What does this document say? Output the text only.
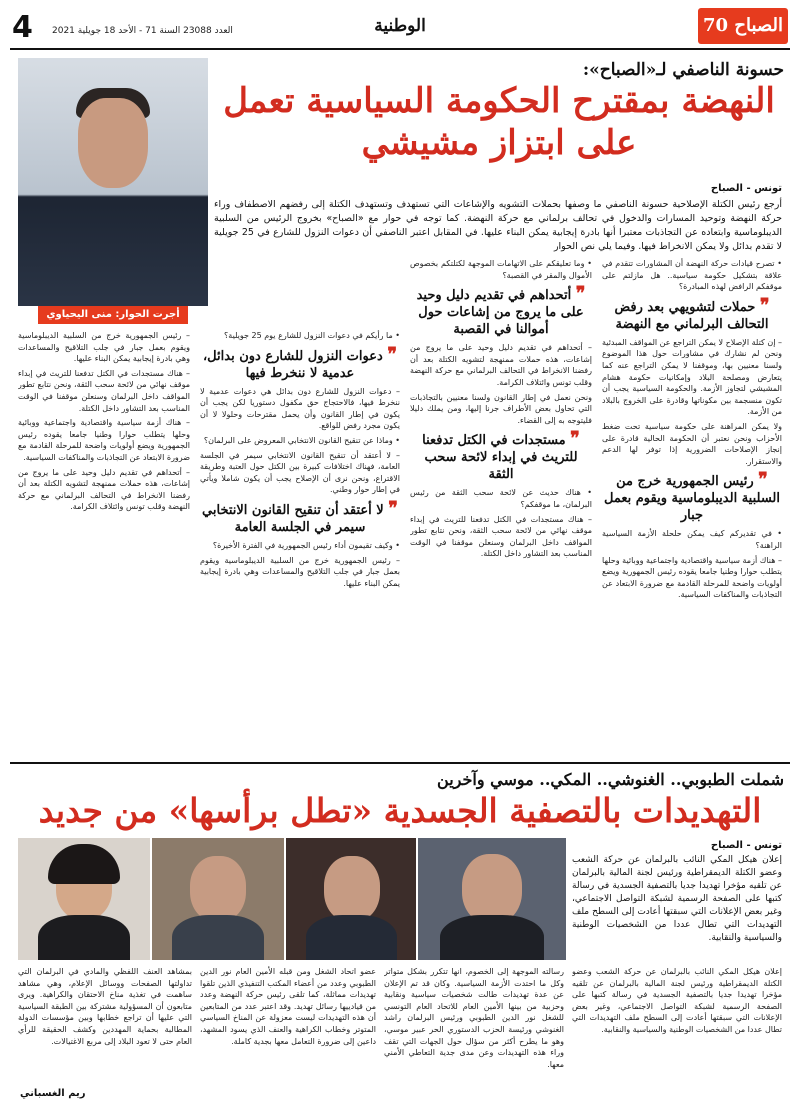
4 العدد 23088 السنة 71 - الأحد 18 جويلية 2021	الوطنية	الصباح 70
حسونة الناصفي لـ«الصباح»:
النهضة بمقترح الحكومة السياسية تعمل على ابتزاز مشيشي
أجرت الحوار: منى اليحياوي
تونس - الصباح
أرجع رئيس الكتلة الإصلاحية حسونة الناصفي ما وصفها بحملات التشويه والإشاعات التي تستهدف وتستهدف الكتلة إلى رفضهم الاصطفاف وراء حركة النهضة وتوحيد المسارات والدخول في تحالف برلماني مع حركة النهضة. كما توجه في حوار مع «الصباح» بخروج الرئيس من السلبية الديبلوماسية وابتعاده عن التجاذبات معتبرا أنها بادرة إيجابية يمكن البناء عليها. في المقابل اعتبر الناصفي أن دعوات النزول للشارع في 25 جويلية لا تقدم بدائل ولا يمكن الانخراط فيها. وفيما يلي نص الحوار

• تصرح قيادات حركة النهضة أن المشاورات تتقدم في علاقة بتشكيل حكومة سياسية.. هل مازلتم على موقفكم الرافض لهذه المبادرة؟

❞ حملات لتشويهي بعد رفض التحالف البرلماني مع النهضة

– إن كتلة الإصلاح لا يمكن التراجع عن المواقف المبدئية ونحن لم نشارك في مشاورات حول هذا الموضوع ولسنا معنيين بها، وموقفنا لا يمكن التراجع عنه كما يتعارض ومصلحة البلاد وإمكانيات حكومة هشام المشيشي لتجاوز الأزمة. والحكومة السياسية يجب أن تكون منسجمة بين مكوناتها وقادرة على الخروج بالبلاد من الأزمة.

ولا يمكن المراهنة على حكومة سياسية تحت ضغط الأحزاب ونحن نعتبر أن الحكومة الحالية قادرة على إنجاز الإصلاحات الضرورية إذا توفر لها الدعم والاستقرار.

❞ رئيس الجمهورية خرج من السلبية الديبلوماسية ويقوم بعمل جبار

• في تقديركم كيف يمكن حلحلة الأزمة السياسية الراهنة؟

– هناك أزمة سياسية واقتصادية واجتماعية ووبائية وحلها يتطلب حوارا وطنيا جامعا يقوده رئيس الجمهورية ويضع أولويات واضحة للمرحلة القادمة مع ضرورة الابتعاد عن التجاذبات والمناكفات السياسية.

• وما تعليقكم على الاتهامات الموجهة لكتلتكم بخصوص الأموال والمقر في القصبة؟

❞ أتحداهم في تقديم دليل وحيد على ما يروج من إشاعات حول أموالنا في القصبة

– أتحداهم في تقديم دليل وحيد على ما يروج من إشاعات، هذه حملات ممنهجة لتشويه الكتلة بعد أن رفضنا الانخراط في التحالف البرلماني مع حركة النهضة وقلب تونس وائتلاف الكرامة.

ونحن نعمل في إطار القانون ولسنا معنيين بالتجاذبات التي تحاول بعض الأطراف جرنا إليها، ومن يملك دليلا فليتوجه به إلى القضاء.

❞ مستجدات في الكتل تدفعنا للتريث في إبداء لائحة سحب الثقة

• هناك حديث عن لائحة سحب الثقة من رئيس البرلمان، ما موقفكم؟

– هناك مستجدات في الكتل تدفعنا للتريث في إبداء موقف نهائي من لائحة سحب الثقة، ونحن نتابع تطور المواقف داخل البرلمان وسنعلن موقفنا في الوقت المناسب بعد التشاور داخل الكتلة.

• ما رأيكم في دعوات النزول للشارع يوم 25 جويلية؟

❞ دعوات النزول للشارع دون بدائل، عدمية لا ننخرط فيها

– دعوات النزول للشارع دون بدائل هي دعوات عدمية لا ننخرط فيها، فالاحتجاج حق مكفول دستوريا لكن يجب أن يكون في إطار القانون وأن يحمل مقترحات وحلولا لا أن يكون مجرد رفض للواقع.

• وماذا عن تنقيح القانون الانتخابي المعروض على البرلمان؟

– لا أعتقد أن تنقيح القانون الانتخابي سيمر في الجلسة العامة، فهناك اختلافات كبيرة بين الكتل حول العتبة وطريقة الاقتراع، ونحن نرى أن الإصلاح يجب أن يكون شاملا ويأتي في إطار حوار وطني.

❞ لا أعتقد أن تنقيح القانون الانتخابي سيمر في الجلسة العامة

• وكيف تقيمون أداء رئيس الجمهورية في الفترة الأخيرة؟

– رئيس الجمهورية خرج من السلبية الديبلوماسية ويقوم بعمل جبار في جلب التلاقيح والمساعدات وهي بادرة إيجابية يمكن البناء عليها.

– رئيس الجمهورية خرج من السلبية الديبلوماسية ويقوم بعمل جبار في جلب التلاقيح والمساعدات وهي بادرة إيجابية يمكن البناء عليها.

– هناك مستجدات في الكتل تدفعنا للتريث في إبداء موقف نهائي من لائحة سحب الثقة، ونحن نتابع تطور المواقف داخل البرلمان وسنعلن موقفنا في الوقت المناسب بعد التشاور داخل الكتلة.

– هناك أزمة سياسية واقتصادية واجتماعية ووبائية وحلها يتطلب حوارا وطنيا جامعا يقوده رئيس الجمهورية ويضع أولويات واضحة للمرحلة القادمة مع ضرورة الابتعاد عن التجاذبات والمناكفات السياسية.

– أتحداهم في تقديم دليل وحيد على ما يروج من إشاعات، هذه حملات ممنهجة لتشويه الكتلة بعد أن رفضنا الانخراط في التحالف البرلماني مع حركة النهضة وقلب تونس وائتلاف الكرامة.

شملت الطبوبي.. الغنوشي.. المكي.. موسي وآخرين
التهديدات بالتصفية الجسدية «تطل برأسها» من جديد
تونس - الصباح
إعلان هيكل المكي النائب بالبرلمان عن حركة الشعب وعضو الكتلة الديمقراطية ورئيس لجنة المالية بالبرلمان عن تلقيه مؤخرا تهديدا جديا بالتصفية الجسدية في رسالة كتبها على الصفحة الرسمية لشبكة التواصل الاجتماعي، وغير بعض الإعلانات التي سبقتها أعادت إلى السطح ملف التهديدات التي تطال عددا من الشخصيات الوطنية والسياسية والنقابية.

إعلان هيكل المكي النائب بالبرلمان عن حركة الشعب وعضو الكتلة الديمقراطية ورئيس لجنة المالية بالبرلمان عن تلقيه مؤخرا تهديدا جديا بالتصفية الجسدية في رسالة كتبها على الصفحة الرسمية لشبكة التواصل الاجتماعي، وغير بعض الإعلانات التي سبقتها أعادت إلى السطح ملف التهديدات التي تطال عددا من الشخصيات الوطنية والسياسية والنقابية.

رسالته الموجهة إلى الخصوم، انها تتكرر بشكل متواتر وكل ما احتدت الأزمة السياسية. وكان قد تم الإعلان عن عدة تهديدات طالت شخصيات سياسية ونقابية وحزبية من بينها الأمين العام للاتحاد العام التونسي للشغل نور الدين الطبوبي ورئيس البرلمان راشد الغنوشي ورئيسة الحزب الدستوري الحر عبير موسي، وهو ما يطرح أكثر من سؤال حول الجهات التي تقف وراء هذه التهديدات وعن مدى جدية التعاطي الأمني معها.

عضو اتحاد الشغل ومن قبله الأمين العام نور الدين الطبوبي وعدد من أعضاء المكتب التنفيذي الذين تلقوا تهديدات مماثلة، كما تلقى رئيس حركة النهضة وعدد من قيادييها رسائل تهديد. وقد اعتبر عدد من المتابعين أن هذه التهديدات ليست معزولة عن المناخ السياسي المتوتر وخطاب الكراهية والعنف الذي يسود المشهد، داعين إلى ضرورة التعامل معها بجدية كاملة.

بمشاهد العنف اللفظي والمادي في البرلمان التي تداولتها الصفحات ووسائل الإعلام، وهي مشاهد ساهمت في تغذية مناخ الاحتقان والكراهية. ويرى متابعون أن المسؤولية مشتركة بين الطبقة السياسية التي عليها أن تراجع خطابها وبين مؤسسات الدولة المطالبة بحماية المهددين وكشف الحقيقة للرأي العام حتى لا تعود البلاد إلى مربع الاغتيالات.

ريم الغسباني
